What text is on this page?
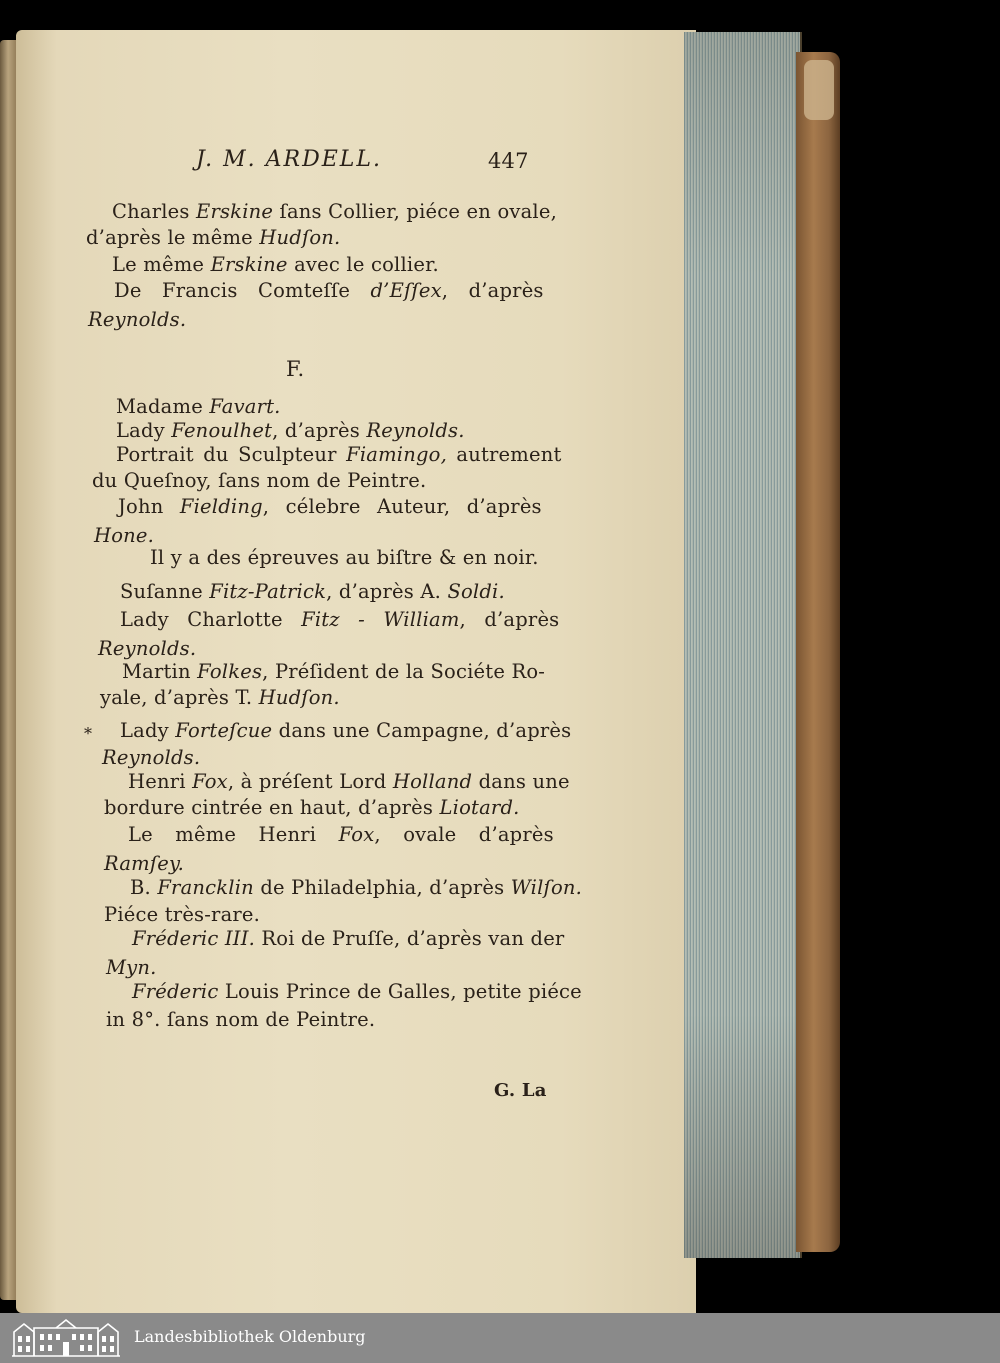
J. M. ARDELL.	447
Charles Erskine ſans Collier, piéce en ovale,
d’après le même Hudſon.
Le même Erskine avec le collier.
De Francis Comteſſe d’Eſſex, d’après
Reynolds.
F.
Madame Favart.
Lady Fenoulhet, d’après Reynolds.
Portrait du Sculpteur Fiamingo, autrement
du Queſnoy, ſans nom de Peintre.
John Fielding, célebre Auteur, d’après
Hone.
Il y a des épreuves au biſtre & en noir.
Suſanne Fitz-Patrick, d’après A. Soldi.
Lady Charlotte Fitz - William, d’après
Reynolds.
Martin Folkes, Préſident de la Sociéte Ro-
yale, d’après T. Hudſon.
* Lady Forteſcue dans une Campagne, d’après
Reynolds.
Henri Fox, à préſent Lord Holland dans une
bordure cintrée en haut, d’après Liotard.
Le même Henri Fox, ovale d’après
Ramſey.
B. Francklin de Philadelphia, d’après Wilſon.
Piéce très-rare.
Fréderic III. Roi de Pruſſe, d’après van der
Myn.
Fréderic Louis Prince de Galles, petite piéce
in 8°. ſans nom de Peintre.
G. La
Landesbibliothek Oldenburg
